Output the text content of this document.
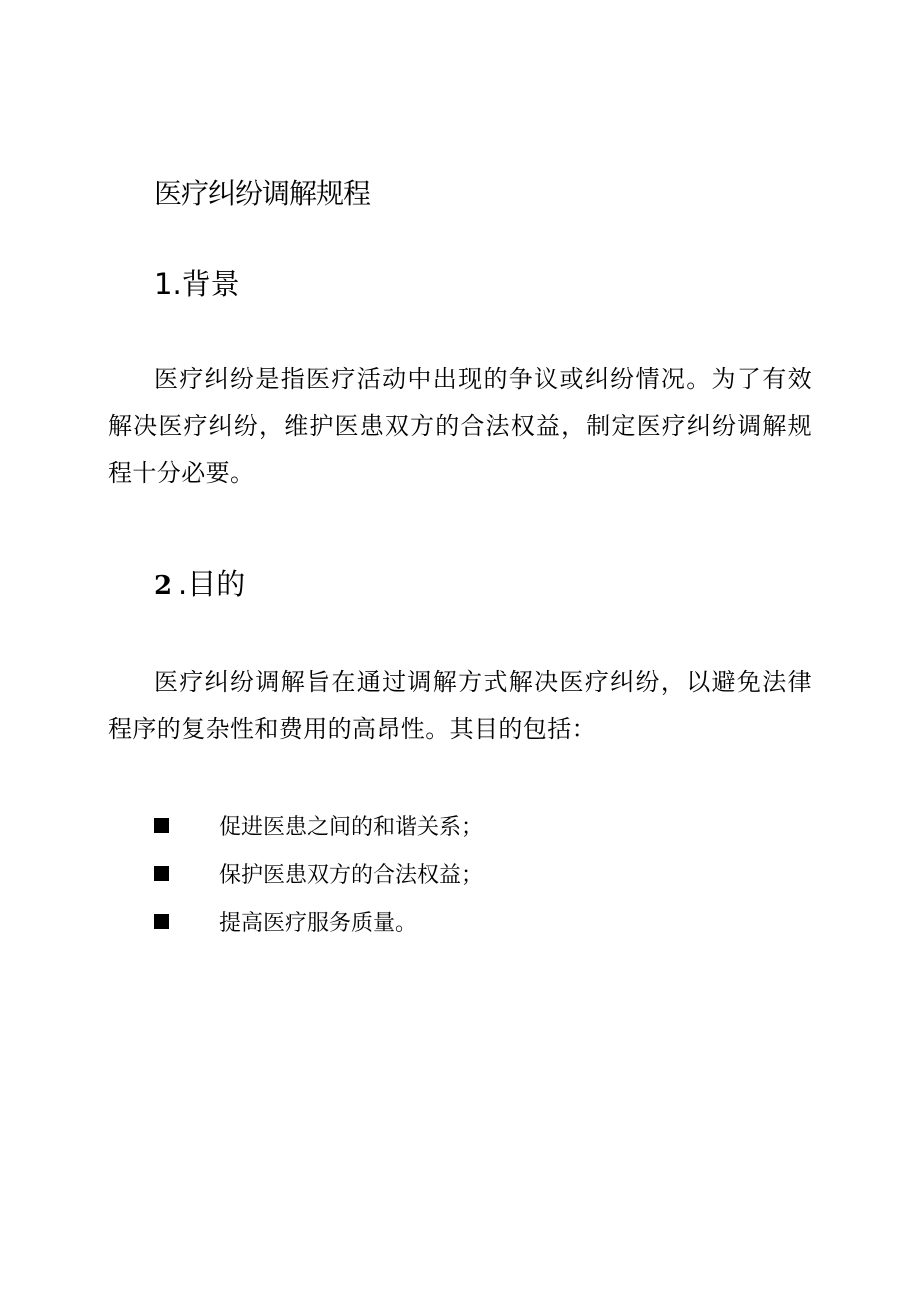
医疗纠纷调解规程
1.背景
医疗纠纷是指医疗活动中出现的争议或纠纷情况。为了有效解决医疗纠纷，维护医患双方的合法权益，制定医疗纠纷调解规程十分必要。
2 .目的
医疗纠纷调解旨在通过调解方式解决医疗纠纷，以避免法律程序的复杂性和费用的高昂性。其目的包括：
促进医患之间的和谐关系；
保护医患双方的合法权益；
提高医疗服务质量。
